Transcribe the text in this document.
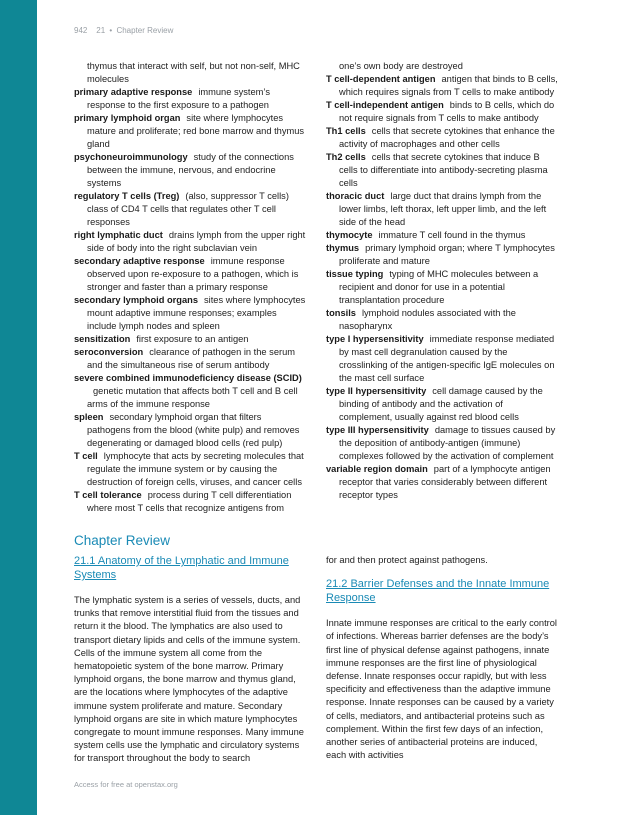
942 21 • Chapter Review

thymus that interact with self, but not non-self, MHC molecules

primary adaptive response immune system’s response to the first exposure to a pathogen

primary lymphoid organ site where lymphocytes mature and proliferate; red bone marrow and thymus gland

psychoneuroimmunology study of the connections between the immune, nervous, and endocrine systems

regulatory T cells (Treg) (also, suppressor T cells) class of CD4 T cells that regulates other T cell responses

right lymphatic duct drains lymph from the upper right side of body into the right subclavian vein

secondary adaptive response immune response observed upon re-exposure to a pathogen, which is stronger and faster than a primary response

secondary lymphoid organs sites where lymphocytes mount adaptive immune responses; examples include lymph nodes and spleen

sensitization first exposure to an antigen

seroconversion clearance of pathogen in the serum and the simultaneous rise of serum antibody

severe combined immunodeficiency disease (SCID)genetic mutation that affects both T cell and B cell arms of the immune response

spleen secondary lymphoid organ that filters pathogens from the blood (white pulp) and removes degenerating or damaged blood cells (red pulp)

T cell lymphocyte that acts by secreting molecules that regulate the immune system or by causing the destruction of foreign cells, viruses, and cancer cells

T cell tolerance process during T cell differentiation where most T cells that recognize antigens from

one’s own body are destroyed

T cell-dependent antigen antigen that binds to B cells, which requires signals from T cells to make antibody

T cell-independent antigen binds to B cells, which do not require signals from T cells to make antibody

Th1 cells cells that secrete cytokines that enhance the activity of macrophages and other cells

Th2 cells cells that secrete cytokines that induce B cells to differentiate into antibody-secreting plasma cells

thoracic duct large duct that drains lymph from the lower limbs, left thorax, left upper limb, and the left side of the head

thymocyte immature T cell found in the thymus

thymus primary lymphoid organ; where T lymphocytes proliferate and mature

tissue typing typing of MHC molecules between a recipient and donor for use in a potential transplantation procedure

tonsils lymphoid nodules associated with the nasopharynx

type I hypersensitivity immediate response mediated by mast cell degranulation caused by the crosslinking of the antigen-specific IgE molecules on the mast cell surface

type II hypersensitivity cell damage caused by the binding of antibody and the activation of complement, usually against red blood cells

type III hypersensitivity damage to tissues caused by the deposition of antibody-antigen (immune) complexes followed by the activation of complement

variable region domain part of a lymphocyte antigen receptor that varies considerably between different receptor types

Chapter Review

21.1 Anatomy of the Lymphatic and Immune Systems

The lymphatic system is a series of vessels, ducts, and trunks that remove interstitial fluid from the tissues and return it the blood. The lymphatics are also used to transport dietary lipids and cells of the immune system. Cells of the immune system all come from the hematopoietic system of the bone marrow. Primary lymphoid organs, the bone marrow and thymus gland, are the locations where lymphocytes of the adaptive immune system proliferate and mature. Secondary lymphoid organs are site in which mature lymphocytes congregate to mount immune responses. Many immune system cells use the lymphatic and circulatory systems for transport throughout the body to search

for and then protect against pathogens.

21.2 Barrier Defenses and the Innate Immune Response

Innate immune responses are critical to the early control of infections. Whereas barrier defenses are the body’s first line of physical defense against pathogens, innate immune responses are the first line of physiological defense. Innate responses occur rapidly, but with less specificity and effectiveness than the adaptive immune response. Innate responses can be caused by a variety of cells, mediators, and antibacterial proteins such as complement. Within the first few days of an infection, another series of antibacterial proteins are induced, each with activities

Access for free at openstax.org
